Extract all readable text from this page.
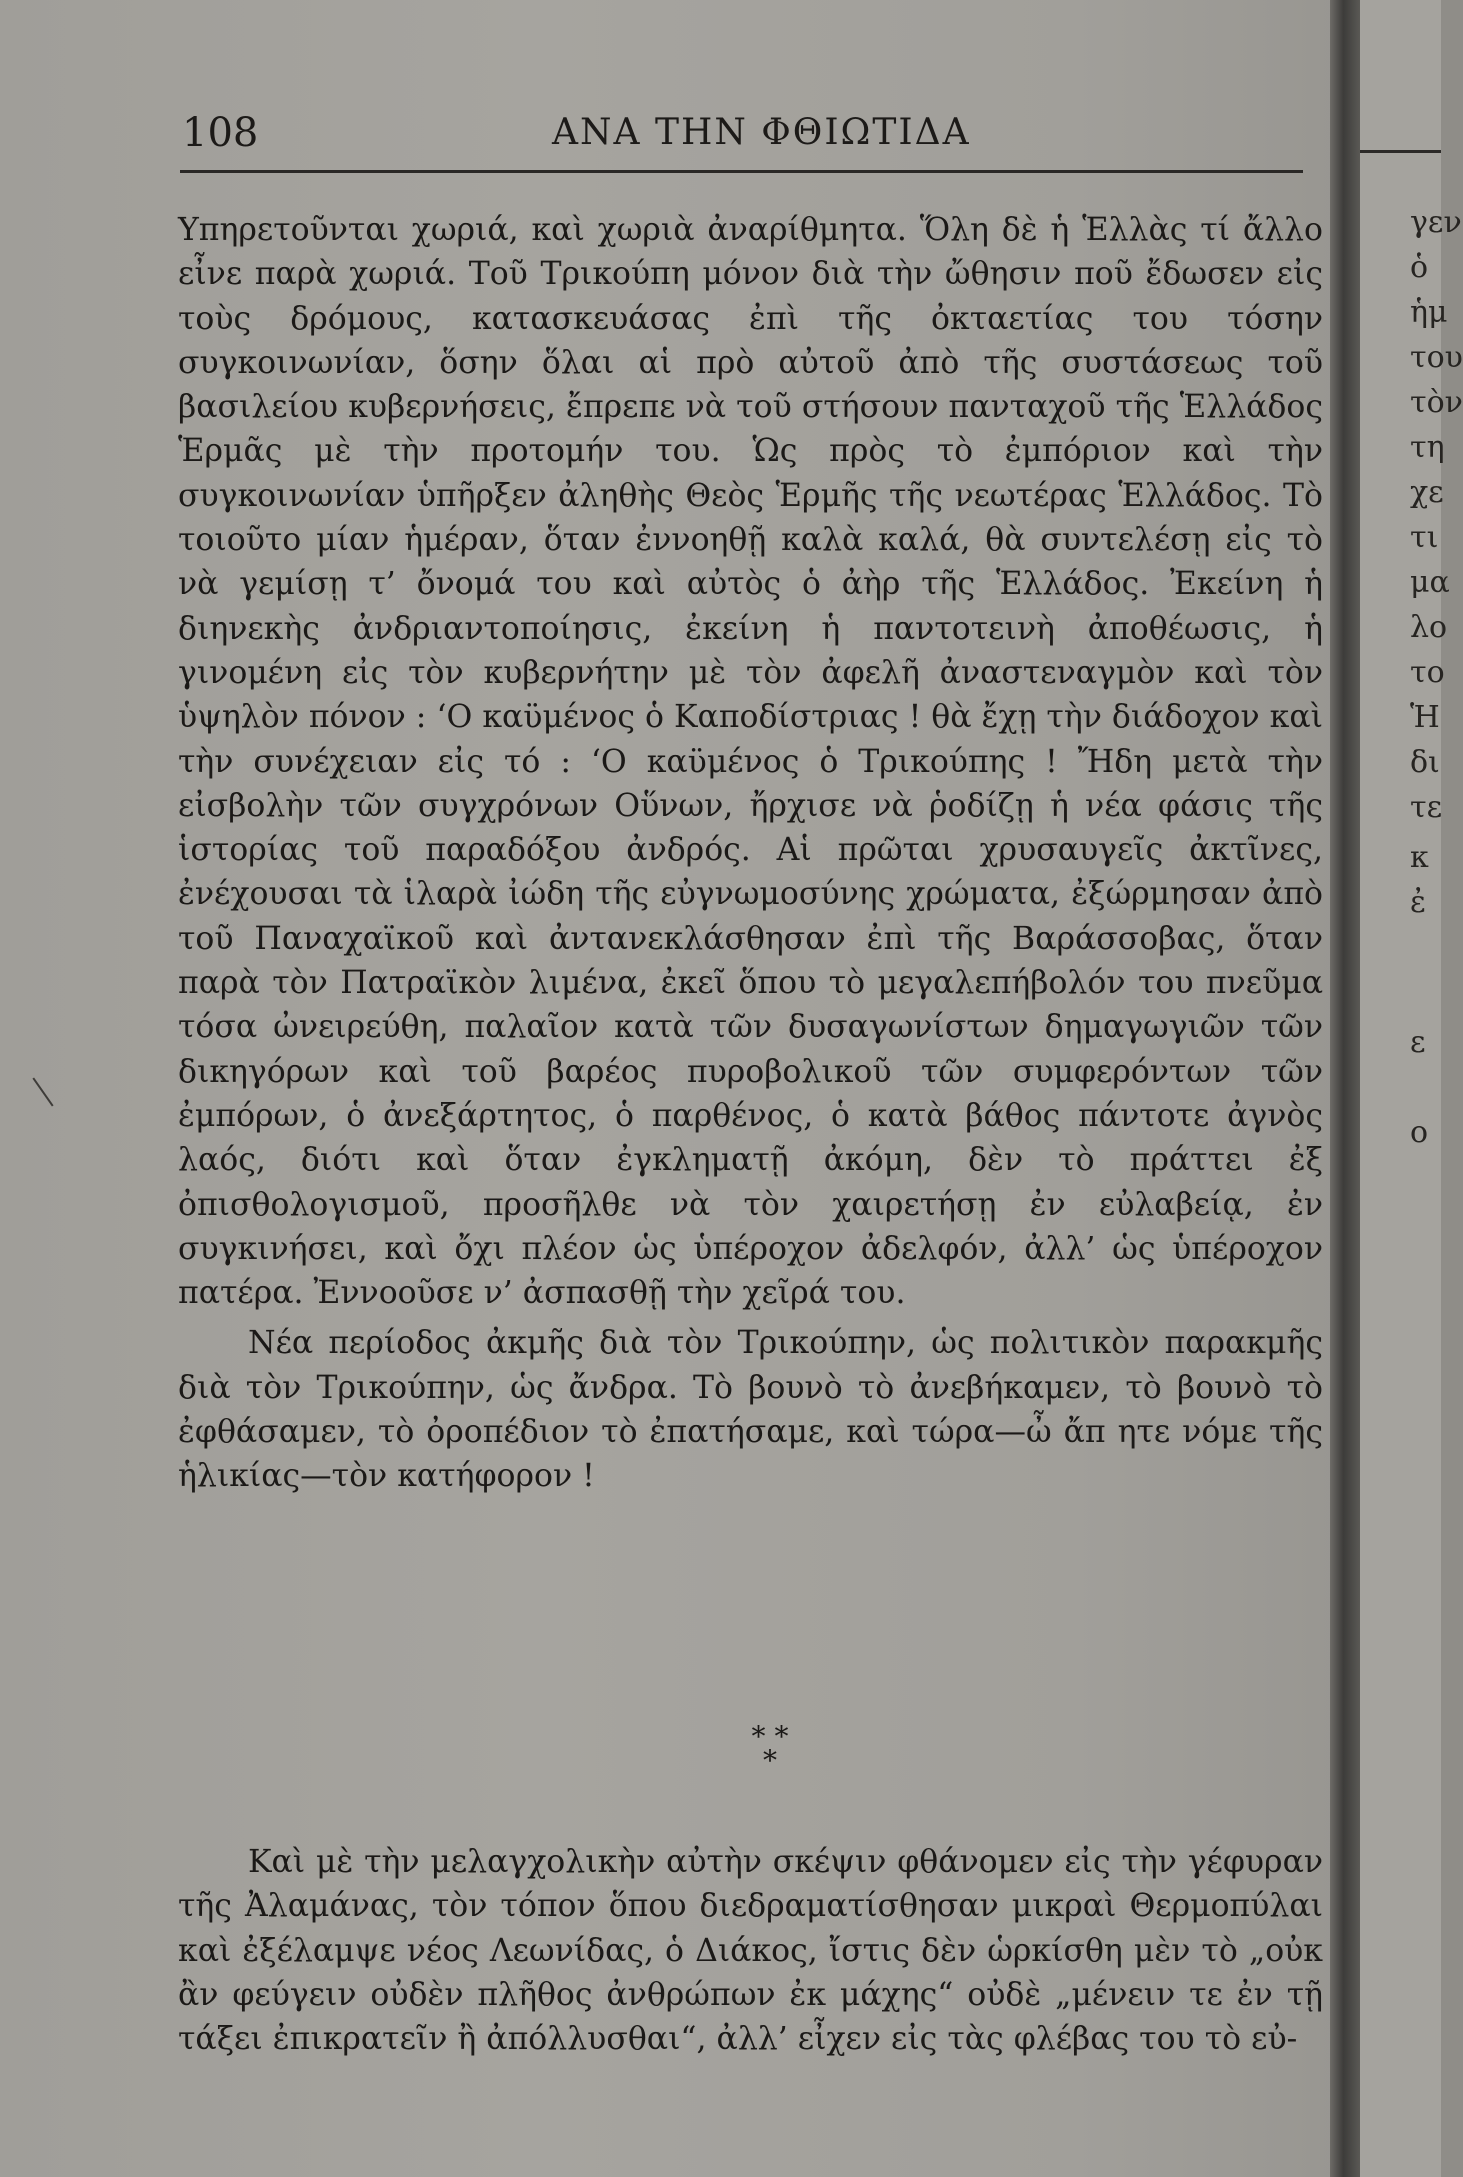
γεν
ὁ
ἡμ
του
τὸν
τη
χε
τι
μα
λο
το
Ἡ
δι
τε
κ
ἐ
ε
ο
108	ΑΝΑ ΤΗΝ ΦΘΙΩΤΙΔΑ

Υπηρετοῦνται χωριά, καὶ χωριὰ ἀναρίθμητα. Ὅλη δὲ ἡ Ἑλλὰς τί ἄλλο εἶνε παρὰ χωριά. Τοῦ Τρικούπη μόνον διὰ τὴν ὤθησιν ποῦ ἔδωσεν εἰς τοὺς δρόμους, κατασκευάσας ἐπὶ τῆς ὀκταετίας του τόσην συγκοινωνίαν, ὅσην ὅλαι αἱ πρὸ αὐτοῦ ἀπὸ τῆς συστάσεως τοῦ βασιλείου κυβερνήσεις, ἔπρεπε νὰ τοῦ στήσουν πανταχοῦ τῆς Ἑλλάδος Ἑρμᾶς μὲ τὴν προτομήν του. Ὡς πρὸς τὸ ἐμπόριον καὶ τὴν συγκοινωνίαν ὑπῆρξεν ἀληθὴς Θεὸς Ἑρμῆς τῆς νεωτέρας Ἑλλάδος. Τὸ τοιοῦτο μίαν ἡμέραν, ὅταν ἐννοηθῇ καλὰ καλά, θὰ συντελέσῃ εἰς τὸ νὰ γεμίσῃ τ’ ὄνομά του καὶ αὐτὸς ὁ ἀὴρ τῆς Ἑλλάδος. Ἐκείνη ἡ διηνεκὴς ἀνδριαντοποίησις, ἐκείνη ἡ παντοτεινὴ ἀποθέωσις, ἡ γινομένη εἰς τὸν κυβερνήτην μὲ τὸν ἀφελῆ ἀναστεναγμὸν καὶ τὸν ὑψηλὸν πόνον : ‘Ο καϋμένος ὁ Καποδίστριας ! θὰ ἔχῃ τὴν διάδοχον καὶ τὴν συνέχειαν εἰς τό : ‘Ο καϋμένος ὁ Τρικούπης ! Ἤδη μετὰ τὴν εἰσβολὴν τῶν συγχρόνων Οὕνων, ἤρχισε νὰ ῥοδίζῃ ἡ νέα φάσις τῆς ἱστορίας τοῦ παραδόξου ἀνδρός. Αἱ πρῶται χρυσαυγεῖς ἀκτῖνες, ἐνέχουσαι τὰ ἱλαρὰ ἰώδη τῆς εὐγνωμοσύνης χρώματα, ἐξώρμησαν ἀπὸ τοῦ Παναχαϊκοῦ καὶ ἀντανεκλάσθησαν ἐπὶ τῆς Βαράσσοβας, ὅταν παρὰ τὸν Πατραϊκὸν λιμένα, ἐκεῖ ὅπου τὸ μεγαλεπήβολόν του πνεῦμα τόσα ὠνειρεύθη, παλαῖον κατὰ τῶν δυσαγωνίστων δημαγωγιῶν τῶν δικηγόρων καὶ τοῦ βαρέος πυροβολικοῦ τῶν συμφερόντων τῶν ἐμπόρων, ὁ ἀνεξάρτητος, ὁ παρθένος, ὁ κατὰ βάθος πάντοτε ἀγνὸς λαός, διότι καὶ ὅταν ἐγκληματῇ ἀκόμη, δὲν τὸ πράττει ἐξ ὀπισθολογισμοῦ, προσῆλθε νὰ τὸν χαιρετήσῃ ἐν εὐλαβείᾳ, ἐν συγκινήσει, καὶ ὄχι πλέον ὡς ὑπέροχον ἀδελφόν, ἀλλ’ ὡς ὑπέροχον πατέρα. Ἐννοοῦσε ν’ ἀσπασθῇ τὴν χεῖρά του.

Νέα περίοδος ἀκμῆς διὰ τὸν Τρικούπην, ὡς πολιτικὸν παρακμῆς διὰ τὸν Τρικούπην, ὡς ἄνδρα. Τὸ βουνὸ τὸ ἀνεβήκαμεν, τὸ βουνὸ τὸ ἐφθάσαμεν, τὸ ὀροπέδιον τὸ ἐπατήσαμε, καὶ τώρα—ὦ ἄπ ητε νόμε τῆς ἡλικίας—τὸν κατήφορον !

* *
*

Καὶ μὲ τὴν μελαγχολικὴν αὐτὴν σκέψιν φθάνομεν εἰς τὴν γέφυραν τῆς Ἀλαμάνας, τὸν τόπον ὅπου διεδραματίσθησαν μικραὶ Θερμοπύλαι καὶ ἐξέλαμψε νέος Λεωνίδας, ὁ Διάκος, ἴστις δὲν ὡρκίσθη μὲν τὸ „οὐκ ἂν φεύγειν οὐδὲν πλῆθος ἀνθρώπων ἐκ μάχης“ οὐδὲ „μένειν τε ἐν τῇ τάξει ἐπικρατεῖν ἢ ἀπόλλυσθαι“, ἀλλ’ εἶχεν εἰς τὰς φλέβας του τὸ εὐ-
